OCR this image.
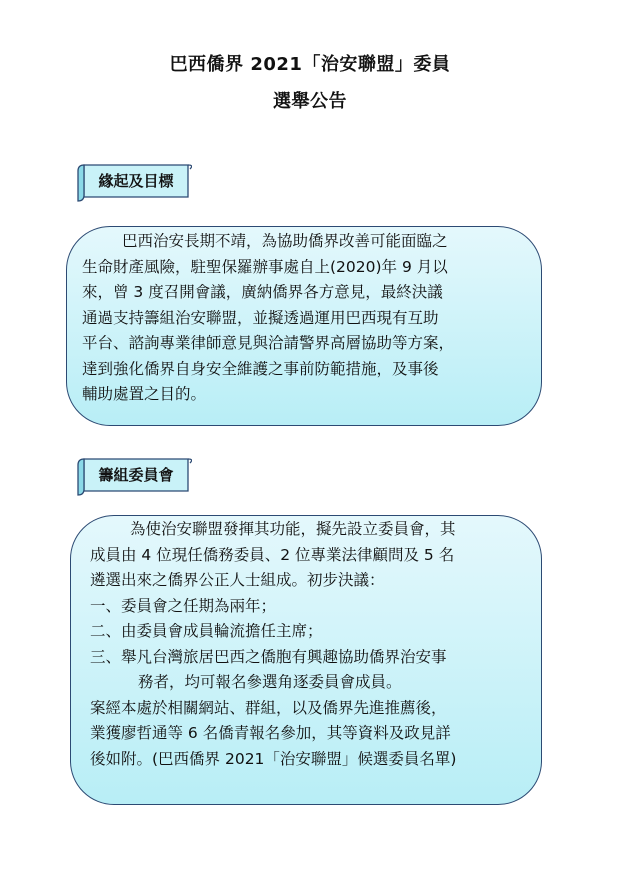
巴西僑界 2021「治安聯盟」委員
選舉公告
緣起及目標
巴西治安長期不靖，為協助僑界改善可能面臨之
生命財產風險，駐聖保羅辦事處自上(2020)年 9 月以
來，曾 3 度召開會議，廣納僑界各方意見，最終決議
通過支持籌組治安聯盟，並擬透過運用巴西現有互助
平台、諮詢專業律師意見與洽請警界高層協助等方案，
達到強化僑界自身安全維護之事前防範措施，及事後
輔助處置之目的。
籌組委員會
為使治安聯盟發揮其功能，擬先設立委員會，其
成員由 4 位現任僑務委員、2 位專業法律顧問及 5 名
遴選出來之僑界公正人士組成。初步決議：
一、委員會之任期為兩年；
二、由委員會成員輪流擔任主席；
三、舉凡台灣旅居巴西之僑胞有興趣協助僑界治安事
務者，均可報名參選角逐委員會成員。
案經本處於相關網站、群組，以及僑界先進推薦後，
業獲廖哲通等 6 名僑青報名參加，其等資料及政見詳
後如附。(巴西僑界 2021「治安聯盟」候選委員名單)
